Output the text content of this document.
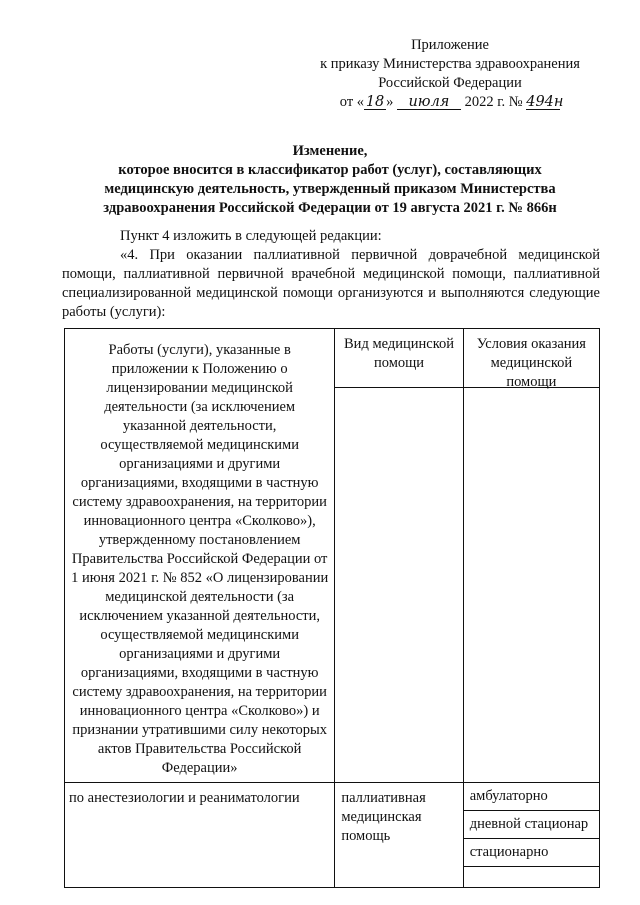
Приложение
к приказу Министерства здравоохранения
Российской Федерации
от « 18 » июля 2022 г. № 494н
Изменение,
которое вносится в классификатор работ (услуг), составляющих
медицинскую деятельность, утвержденный приказом Министерства
здравоохранения Российской Федерации от 19 августа 2021 г. № 866н
Пункт 4 изложить в следующей редакции:
«4. При оказании паллиативной первичной доврачебной медицинской помощи, паллиативной первичной врачебной медицинской помощи, паллиативной специализированной медицинской помощи организуются и выполняются следующие работы (услуги):
Работы (услуги), указанные в приложении к Положению о лицензировании медицинской деятельности (за исключением указанной деятельности, осуществляемой медицинскими организациями и другими организациями, входящими в частную систему здравоохранения, на территории инновационного центра «Сколково»), утвержденному постановлением Правительства Российской Федерации от 1 июня 2021 г. № 852 «О лицензировании медицинской деятельности (за исключением указанной деятельности, осуществляемой медицинскими организациями и другими организациями, входящими в частную систему здравоохранения, на территории инновационного центра «Сколково») и признании утратившими силу некоторых актов Правительства Российской Федерации»	Вид медицинской помощи	Условия оказания медицинской помощи

по анестезиологии и реаниматологии	паллиативная медицинская помощь	амбулаторно

		дневной стационар

		стационарно
